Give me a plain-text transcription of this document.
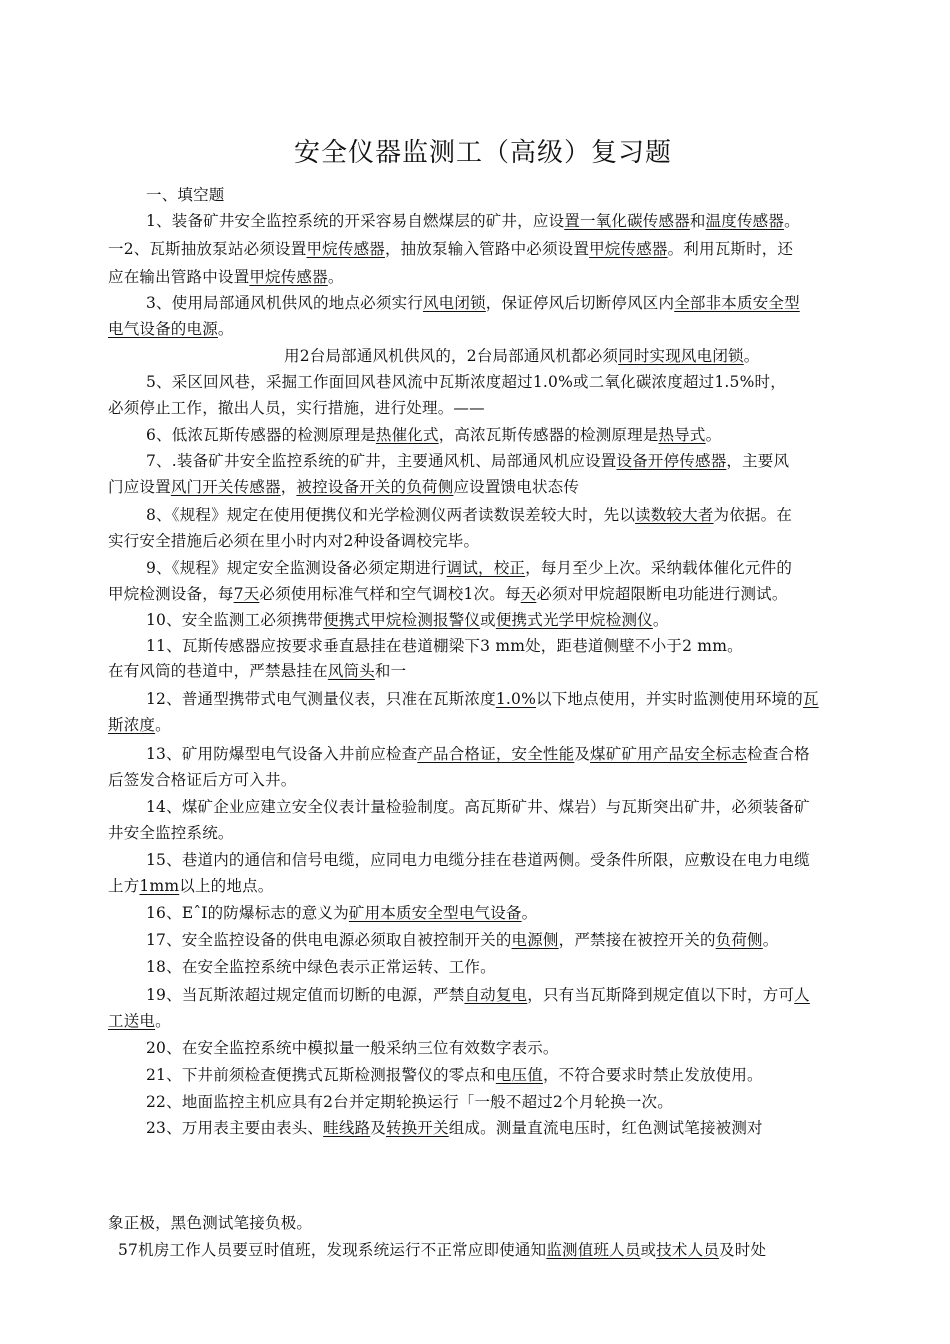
安全仪器监测工（高级）复习题
一、填空题
1、装备矿井安全监控系统的开采容易自燃煤层的矿井，应设置一氧化碳传感器和温度传感器。
一2、瓦斯抽放泵站必须设置甲烷传感器，抽放泵输入管路中必须设置甲烷传感器。利用瓦斯时，还
应在输出管路中设置甲烷传感器。
3、使用局部通风机供风的地点必须实行风电闭锁，保证停风后切断停风区内全部非本质安全型
电气设备的电源。
用2台局部通风机供风的，2台局部通风机都必须同时实现风电闭锁。
5、采区回风巷，采掘工作面回风巷风流中瓦斯浓度超过1.0%或二氧化碳浓度超过1.5%时，
必须停止工作，撤出人员，实行措施，进行处理。——
6、低浓瓦斯传感器的检测原理是热催化式，高浓瓦斯传感器的检测原理是热导式。
7、.装备矿井安全监控系统的矿井，主要通风机、局部通风机应设置设备开停传感器，主要风
门应设置风门开关传感器，被控设备开关的负荷侧应设置馈电状态传
8、《规程》规定在使用便携仪和光学检测仪两者读数误差较大时，先以读数较大者为依据。在
实行安全措施后必须在里小时内对2种设备调校完毕。
9、《规程》规定安全监测设备必须定期进行调试，校正，每月至少上次。采纳载体催化元件的
甲烷检测设备，每7天必须使用标准气样和空气调校1次。每天必须对甲烷超限断电功能进行测试。
10、安全监测工必须携带便携式甲烷检测报警仪或便携式光学甲烷检测仪。
11、瓦斯传感器应按要求垂直悬挂在巷道棚梁下3 mm处，距巷道侧壁不小于2 mm。
在有风筒的巷道中，严禁悬挂在风筒头和一
12、普通型携带式电气测量仪表，只准在瓦斯浓度1.0%以下地点使用，并实时监测使用环境的瓦
斯浓度。
13、矿用防爆型电气设备入井前应检查产品合格证，安全性能及煤矿矿用产品安全标志检查合格
后签发合格证后方可入井。
14、煤矿企业应建立安全仪表计量检验制度。高瓦斯矿井、煤岩）与瓦斯突出矿井，必须装备矿
井安全监控系统。
15、巷道内的通信和信号电缆，应同电力电缆分挂在巷道两侧。受条件所限，应敷设在电力电缆
上方1mm以上的地点。
16、EˆI的防爆标志的意义为矿用本质安全型电气设备。
17、安全监控设备的供电电源必须取自被控制开关的电源侧，严禁接在被控开关的负荷侧。
18、在安全监控系统中绿色表示正常运转、工作。
19、当瓦斯浓超过规定值而切断的电源，严禁自动复电，只有当瓦斯降到规定值以下时，方可人
工送电。
20、在安全监控系统中模拟量一般采纳三位有效数字表示。
21、下井前须检查便携式瓦斯检测报警仪的零点和电压值，不符合要求时禁止发放使用。
22、地面监控主机应具有2台并定期轮换运行「一般不超过2个月轮换一次。
23、万用表主要由表头、畦线路及转换开关组成。测量直流电压时，红色测试笔接被测对
象正极，黑色测试笔接负极。
57机房工作人员要豆时值班，发现系统运行不正常应即使通知监测值班人员或技术人员及时处
